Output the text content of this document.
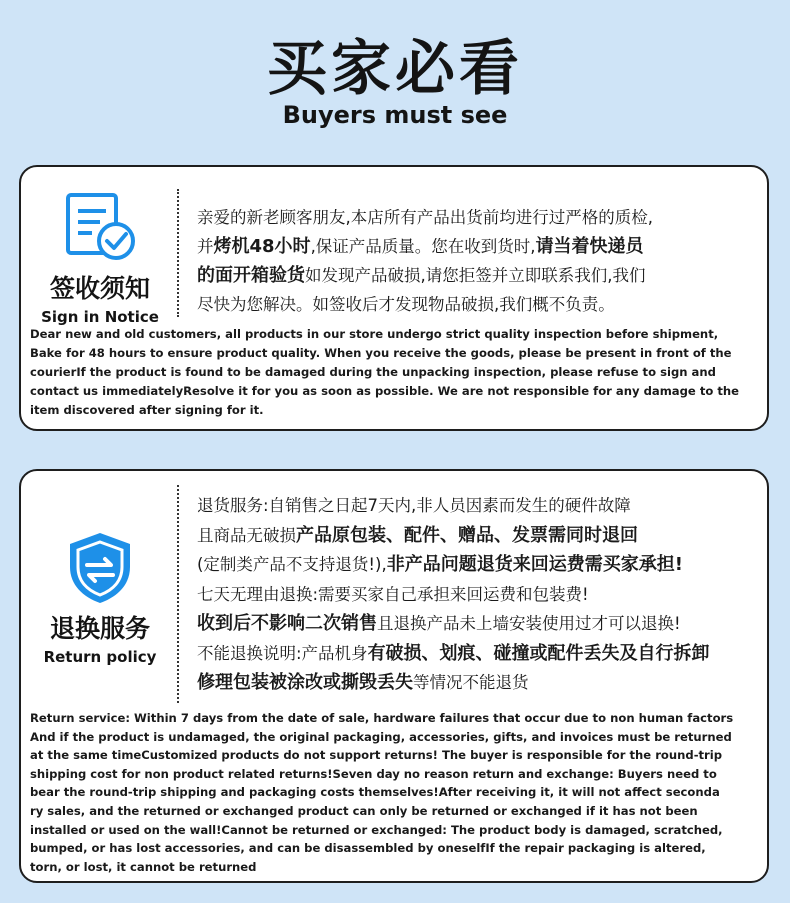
买家必看
Buyers must see
签收须知
Sign in Notice
亲爱的新老顾客朋友,本店所有产品出货前均进行过严格的质检,
并烤机48小时,保证产品质量。您在收到货时,请当着快递员
的面开箱验货如发现产品破损,请您拒签并立即联系我们,我们
尽快为您解决。如签收后才发现物品破损,我们概不负责。
Dear new and old customers, all products in our store undergo strict quality inspection before shipment,
Bake for 48 hours to ensure product quality. When you receive the goods, please be present in front of the
courierIf the product is found to be damaged during the unpacking inspection, please refuse to sign and
contact us immediatelyResolve it for you as soon as possible. We are not responsible for any damage to the
item discovered after signing for it.
退换服务
Return policy
退货服务:自销售之日起7天内,非人员因素而发生的硬件故障
且商品无破损产品原包装、配件、赠品、发票需同时退回
(定制类产品不支持退货!),非产品问题退货来回运费需买家承担!
七天无理由退换:需要买家自己承担来回运费和包装费!
收到后不影响二次销售且退换产品未上墙安装使用过才可以退换!
不能退换说明:产品机身有破损、划痕、碰撞或配件丢失及自行拆卸
修理包装被涂改或撕毁丢失等情况不能退货
Return service: Within 7 days from the date of sale, hardware failures that occur due to non human factors
And if the product is undamaged, the original packaging, accessories, gifts, and invoices must be returned
at the same timeCustomized products do not support returns! The buyer is responsible for the round-trip
shipping cost for non product related returns!Seven day no reason return and exchange: Buyers need to
bear the round-trip shipping and packaging costs themselves!After receiving it, it will not affect seconda
ry sales, and the returned or exchanged product can only be returned or exchanged if it has not been
installed or used on the wall!Cannot be returned or exchanged: The product body is damaged, scratched,
bumped, or has lost accessories, and can be disassembled by oneselfIf the repair packaging is altered,
torn, or lost, it cannot be returned
